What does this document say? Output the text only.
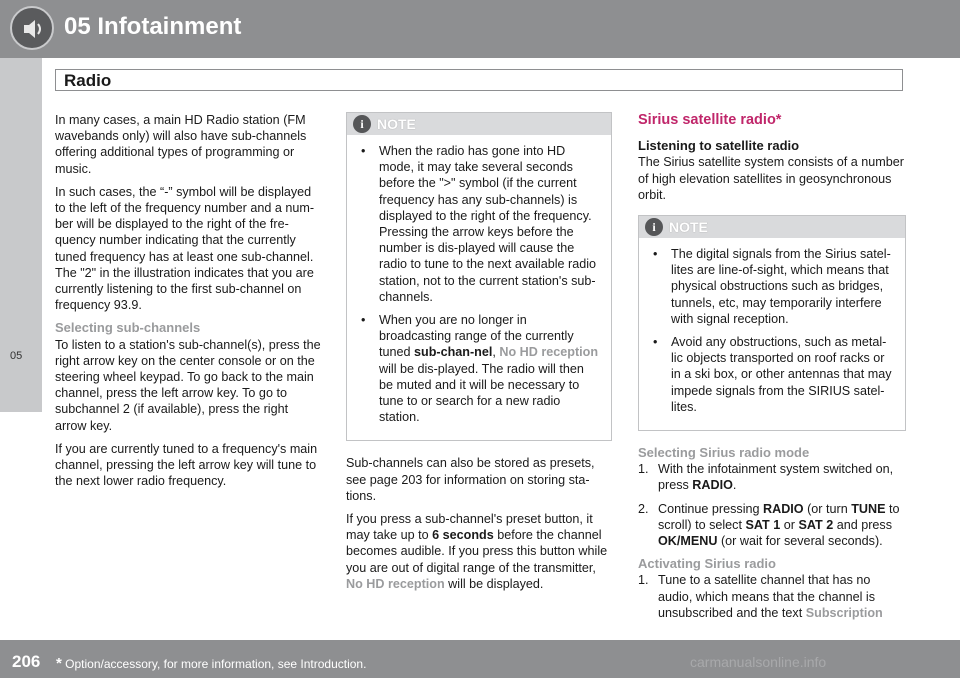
05 Infotainment
Radio
05

In many cases, a main HD Radio station (FM wavebands only) will also have sub-channels offering additional types of programming or music.

In such cases, the “-” symbol will be displayed to the left of the frequency number and a num-ber will be displayed to the right of the fre-quency number indicating that the currently tuned frequency has at least one sub-channel. The "2" in the illustration indicates that you are currently listening to the first sub-channel on frequency 93.9.

Selecting sub-channels

To listen to a station's sub-channel(s), press the right arrow key on the center console or on the steering wheel keypad. To go back to the main channel, press the left arrow key. To go to subchannel 2 (if available), press the right arrow key.

If you are currently tuned to a frequency's main channel, pressing the left arrow key will tune to the next lower radio frequency.

i NOTE
• When the radio has gone into HD mode, it may take several seconds before the ">" symbol (if the current frequency has any sub-channels) is displayed to the right of the frequency. Pressing the arrow keys before the number is dis-played will cause the radio to tune to the next available radio station, not to the current station's sub-channels.
• When you are no longer in broadcasting range of the currently tuned sub-chan-nel, No HD reception will be dis-played. The radio will then be muted and it will be necessary to tune to or search for a new radio station.

Sub-channels can also be stored as presets, see page 203 for information on storing sta-tions.

If you press a sub-channel's preset button, it may take up to 6 seconds before the channel becomes audible. If you press this button while you are out of digital range of the transmitter, No HD reception will be displayed.

Sirius satellite radio*
Listening to satellite radio

The Sirius satellite system consists of a number of high elevation satellites in geosynchronous orbit.

i NOTE
• The digital signals from the Sirius satel-lites are line-of-sight, which means that physical obstructions such as bridges, tunnels, etc, may temporarily interfere with signal reception.
• Avoid any obstructions, such as metal-lic objects transported on roof racks or in a ski box, or other antennas that may impede signals from the SIRIUS satel-lites.
Selecting Sirius radio mode
1. With the infotainment system switched on, press RADIO.
2. Continue pressing RADIO (or turn TUNE to scroll) to select SAT 1 or SAT 2 and press OK/MENU (or wait for several seconds).
Activating Sirius radio
1. Tune to a satellite channel that has no audio, which means that the channel is unsubscribed and the text Subscription
206 * Option/accessory, for more information, see Introduction.	carmanualsonline.info
